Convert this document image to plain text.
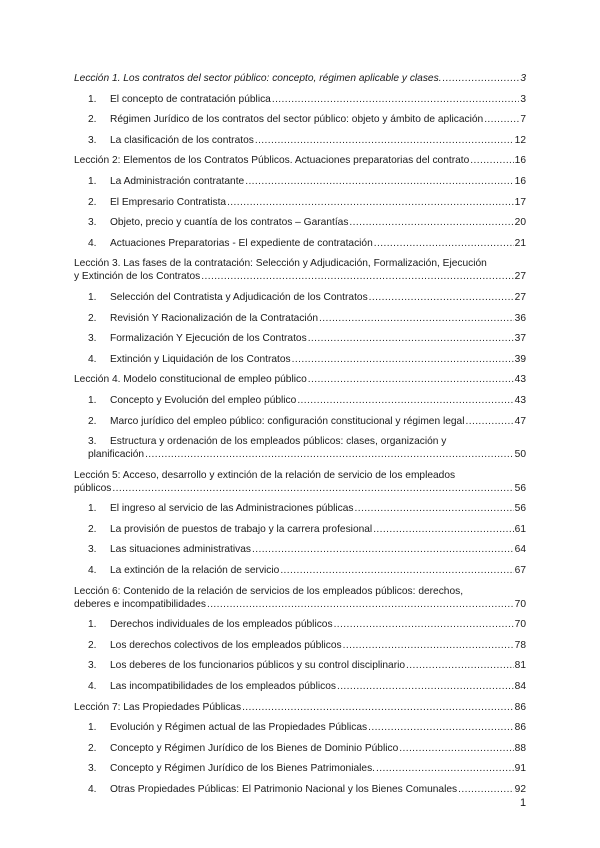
Lección 1. Los contratos del sector público: concepto, régimen aplicable y clases. .....	3
1.	El concepto de contratación pública .....	3
2.	Régimen Jurídico de los contratos del sector público: objeto y ámbito de aplicación .....	7
3.	La clasificación de los contratos .....	12
Lección 2: Elementos de los Contratos Públicos. Actuaciones preparatorias del contrato .....	16
1.	La Administración contratante .....	16
2.	El Empresario Contratista .....	17
3.	Objeto, precio y cuantía de los contratos – Garantías .....	20
4.	Actuaciones Preparatorias - El expediente de contratación .....	21
Lección 3. Las fases de la contratación: Selección y Adjudicación, Formalización, Ejecución
y Extinción de los Contratos .....	27
1.	Selección del Contratista y Adjudicación de los Contratos .....	27
2.	Revisión Y Racionalización de la Contratación .....	36
3.	Formalización Y Ejecución de los Contratos .....	37
4.	Extinción y Liquidación de los Contratos .....	39
Lección 4. Modelo constitucional de empleo público .....	43
1.	Concepto y Evolución del empleo público .....	43
2.	Marco jurídico del empleo público: configuración constitucional y régimen legal .....	47
3. Estructura y ordenación de los empleados públicos: clases, organización y
planificación .....	50
Lección 5: Acceso, desarrollo y extinción de la relación de servicio de los empleados
públicos .....	56
1.	El ingreso al servicio de las Administraciones públicas .....	56
2.	La provisión de puestos de trabajo y la carrera profesional .....	61
3.	Las situaciones administrativas .....	64
4.	La extinción de la relación de servicio .....	67
Lección 6: Contenido de la relación de servicios de los empleados públicos: derechos,
deberes e incompatibilidades .....	70
1.	Derechos individuales de los empleados públicos .....	70
2.	Los derechos colectivos de los empleados públicos .....	78
3.	Los deberes de los funcionarios públicos y su control disciplinario .....	81
4.	Las incompatibilidades de los empleados públicos .....	84
Lección 7: Las Propiedades Públicas .....	86
1.	Evolución y Régimen actual de las Propiedades Públicas .....	86
2.	Concepto y Régimen Jurídico de los Bienes de Dominio Público .....	88
3.	Concepto y Régimen Jurídico de los Bienes Patrimoniales. .....	91
4.	Otras Propiedades Públicas: El Patrimonio Nacional y los Bienes Comunales .....	92
1
